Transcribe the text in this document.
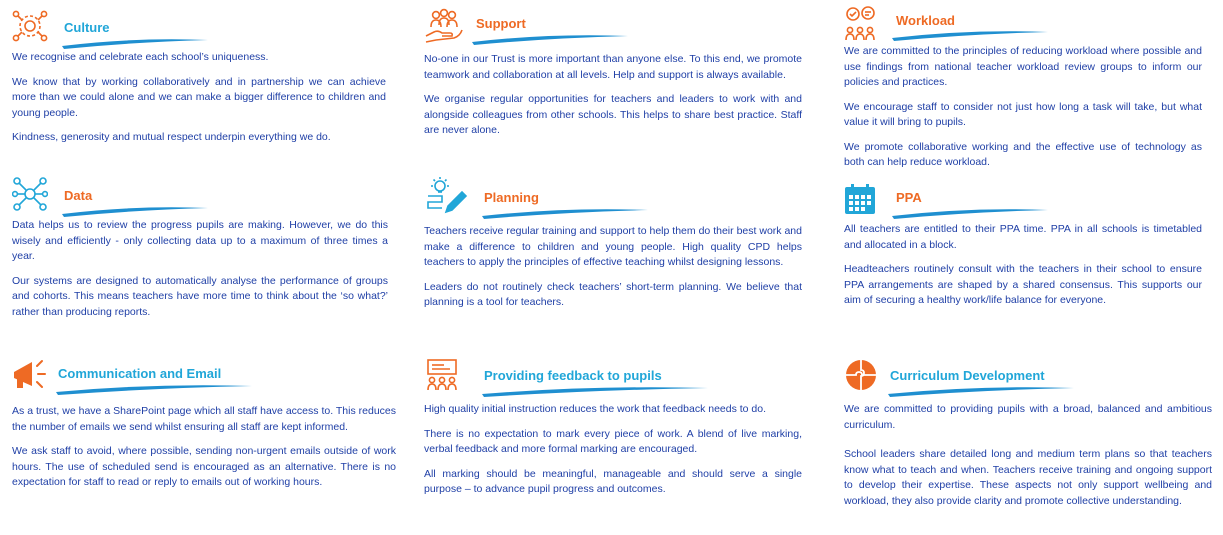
Culture

We recognise and celebrate each school’s uniqueness.

We know that by working collaboratively and in partnership we can achieve more than we could alone and we can make a bigger difference to children and young people.

Kindness, generosity and mutual respect underpin everything we do.

Data

Data helps us to review the progress pupils are making. However, we do this wisely and efficiently - only collecting data up to a maximum of three times a year.

Our systems are designed to automatically analyse the performance of groups and cohorts. This means teachers have more time to think about the ‘so what?’ rather than producing reports.

Communication and Email

As a trust, we have a SharePoint page which all staff have access to. This reduces the number of emails we send whilst ensuring all staff are kept informed.

We ask staff to avoid, where possible, sending non-urgent emails outside of work hours. The use of scheduled send is encouraged as an alternative. There is no expectation for staff to read or reply to emails out of working hours.

Support

No-one in our Trust is more important than anyone else. To this end, we promote teamwork and collaboration at all levels. Help and support is always available.

We organise regular opportunities for teachers and leaders to work with and alongside colleagues from other schools. This helps to share best practice. Staff are never alone.

Planning

Teachers receive regular training and support to help them do their best work and make a difference to children and young people. High quality CPD helps teachers to apply the principles of effective teaching whilst designing lessons.

Leaders do not routinely check teachers’ short-term planning. We believe that planning is a tool for teachers.

Providing feedback to pupils

High quality initial instruction reduces the work that feedback needs to do.

There is no expectation to mark every piece of work. A blend of live marking, verbal feedback and more formal marking are encouraged.

All marking should be meaningful, manageable and should serve a single purpose – to advance pupil progress and outcomes.

Workload

We are committed to the principles of reducing workload where possible and use findings from national teacher workload review groups to inform our policies and practices.

We encourage staff to consider not just how long a task will take, but what value it will bring to pupils.

We promote collaborative working and the effective use of technology as both can help reduce workload.

PPA

All teachers are entitled to their PPA time. PPA in all schools is timetabled and allocated in a block.

Headteachers routinely consult with the teachers in their school to ensure PPA arrangements are shaped by a shared consensus. This supports our aim of securing a healthy work/life balance for everyone.

Curriculum Development

We are committed to providing pupils with a broad, balanced and ambitious curriculum.

School leaders share detailed long and medium term plans so that teachers know what to teach and when. Teachers receive training and ongoing support to develop their expertise. These aspects not only support wellbeing and workload, they also provide clarity and promote collective understanding.
